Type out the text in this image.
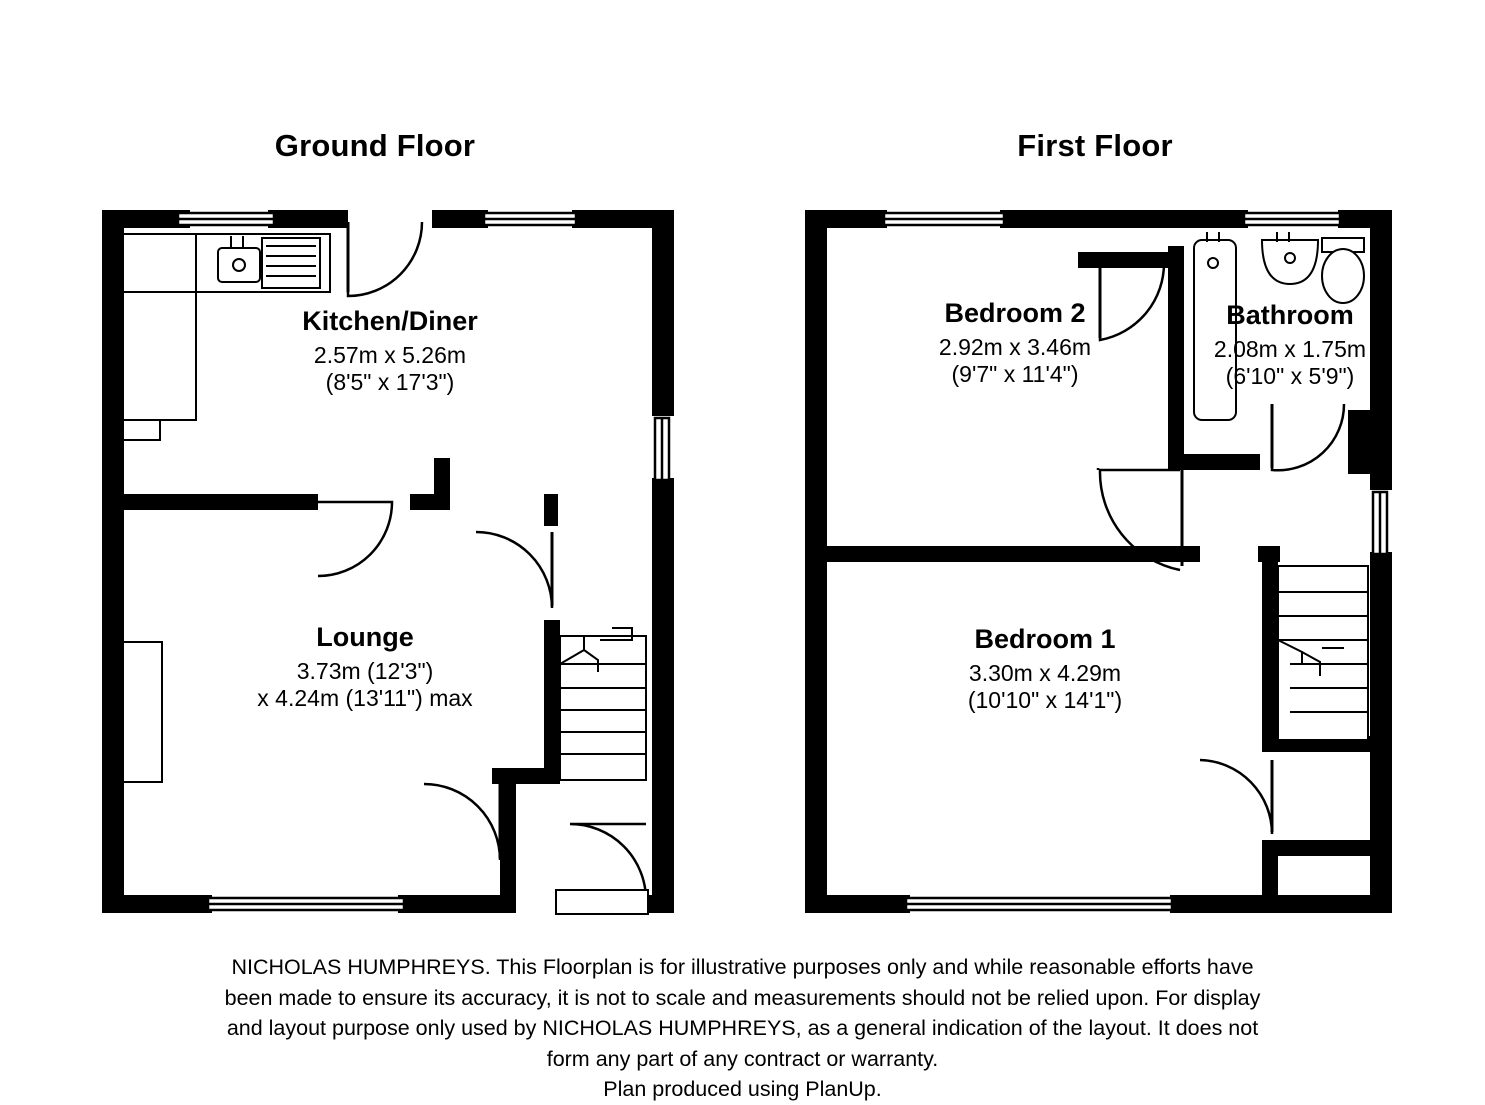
Ground Floor	First Floor
Kitchen/Diner
2.57m x 5.26m
(8'5" x 17'3")
Lounge
3.73m (12'3")
x 4.24m (13'11") max
Bedroom 2
2.92m x 3.46m
(9'7" x 11'4")
Bathroom
2.08m x 1.75m
(6'10" x 5'9")
Bedroom 1
3.30m x 4.29m
(10'10" x 14'1")

NICHOLAS HUMPHREYS. This Floorplan is for illustrative purposes only and while reasonable efforts have

been made to ensure its accuracy, it is not to scale and measurements should not be relied upon. For display

and layout purpose only used by NICHOLAS HUMPHREYS, as a general indication of the layout. It does not

form any part of any contract or warranty.

Plan produced using PlanUp.
